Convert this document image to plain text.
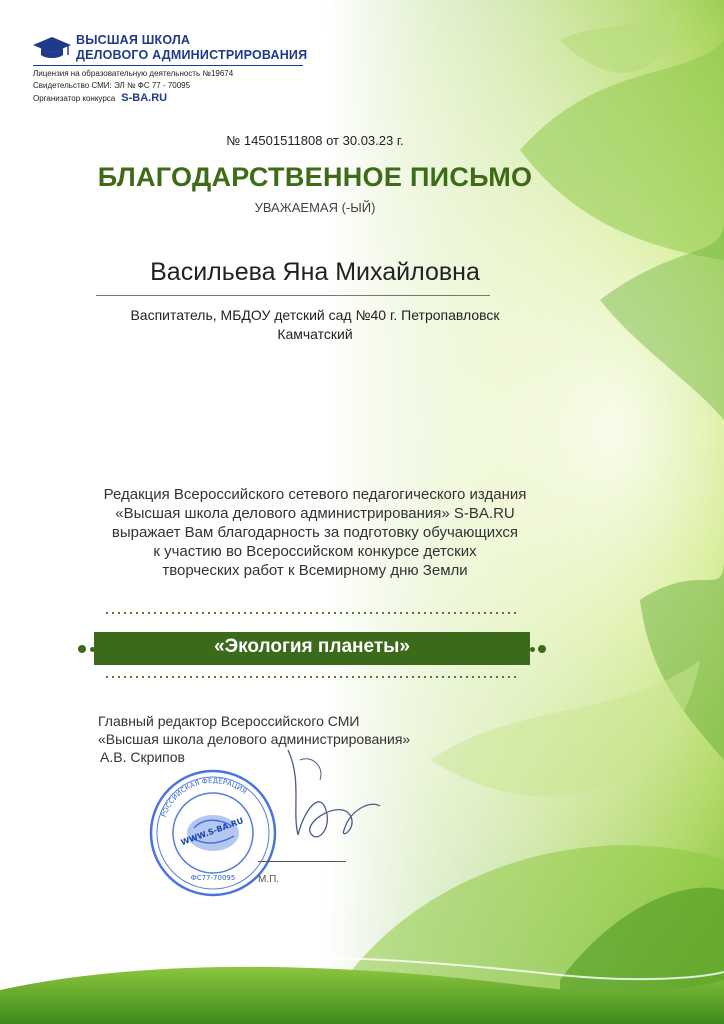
ВЫСШАЯ ШКОЛА
ДЕЛОВОГО АДМИНИСТРИРОВАНИЯ
Лицензия на образовательную деятельность №19674
Свидетельство СМИ: ЭЛ № ФС 77 - 70095
Организатор конкурса S-BA.RU
№ 14501511808 от 30.03.23 г.
БЛАГОДАРСТВЕННОЕ ПИСЬМО
УВАЖАЕМАЯ (-ЫЙ)
Васильева Яна Михайловна
Васпитатель, МБДОУ детский сад №40 г. Петропавловск
Камчатский
Редакция Всероссийского сетевого педагогического издания
«Высшая школа делового администрирования» S-BA.RU
выражает Вам благодарность за подготовку обучающихся
к участию во Всероссийском конкурсе детских
творческих работ к Всемирному дню Земли
«Экология планеты»
Главный редактор Всероссийского СМИ
«Высшая школа делового администрирования»
А.В. Скрипов
РОССИЙСКАЯ ФЕДЕРАЦИЯ
WWW.S-BA.RU
ФС77-70095 М.П.
